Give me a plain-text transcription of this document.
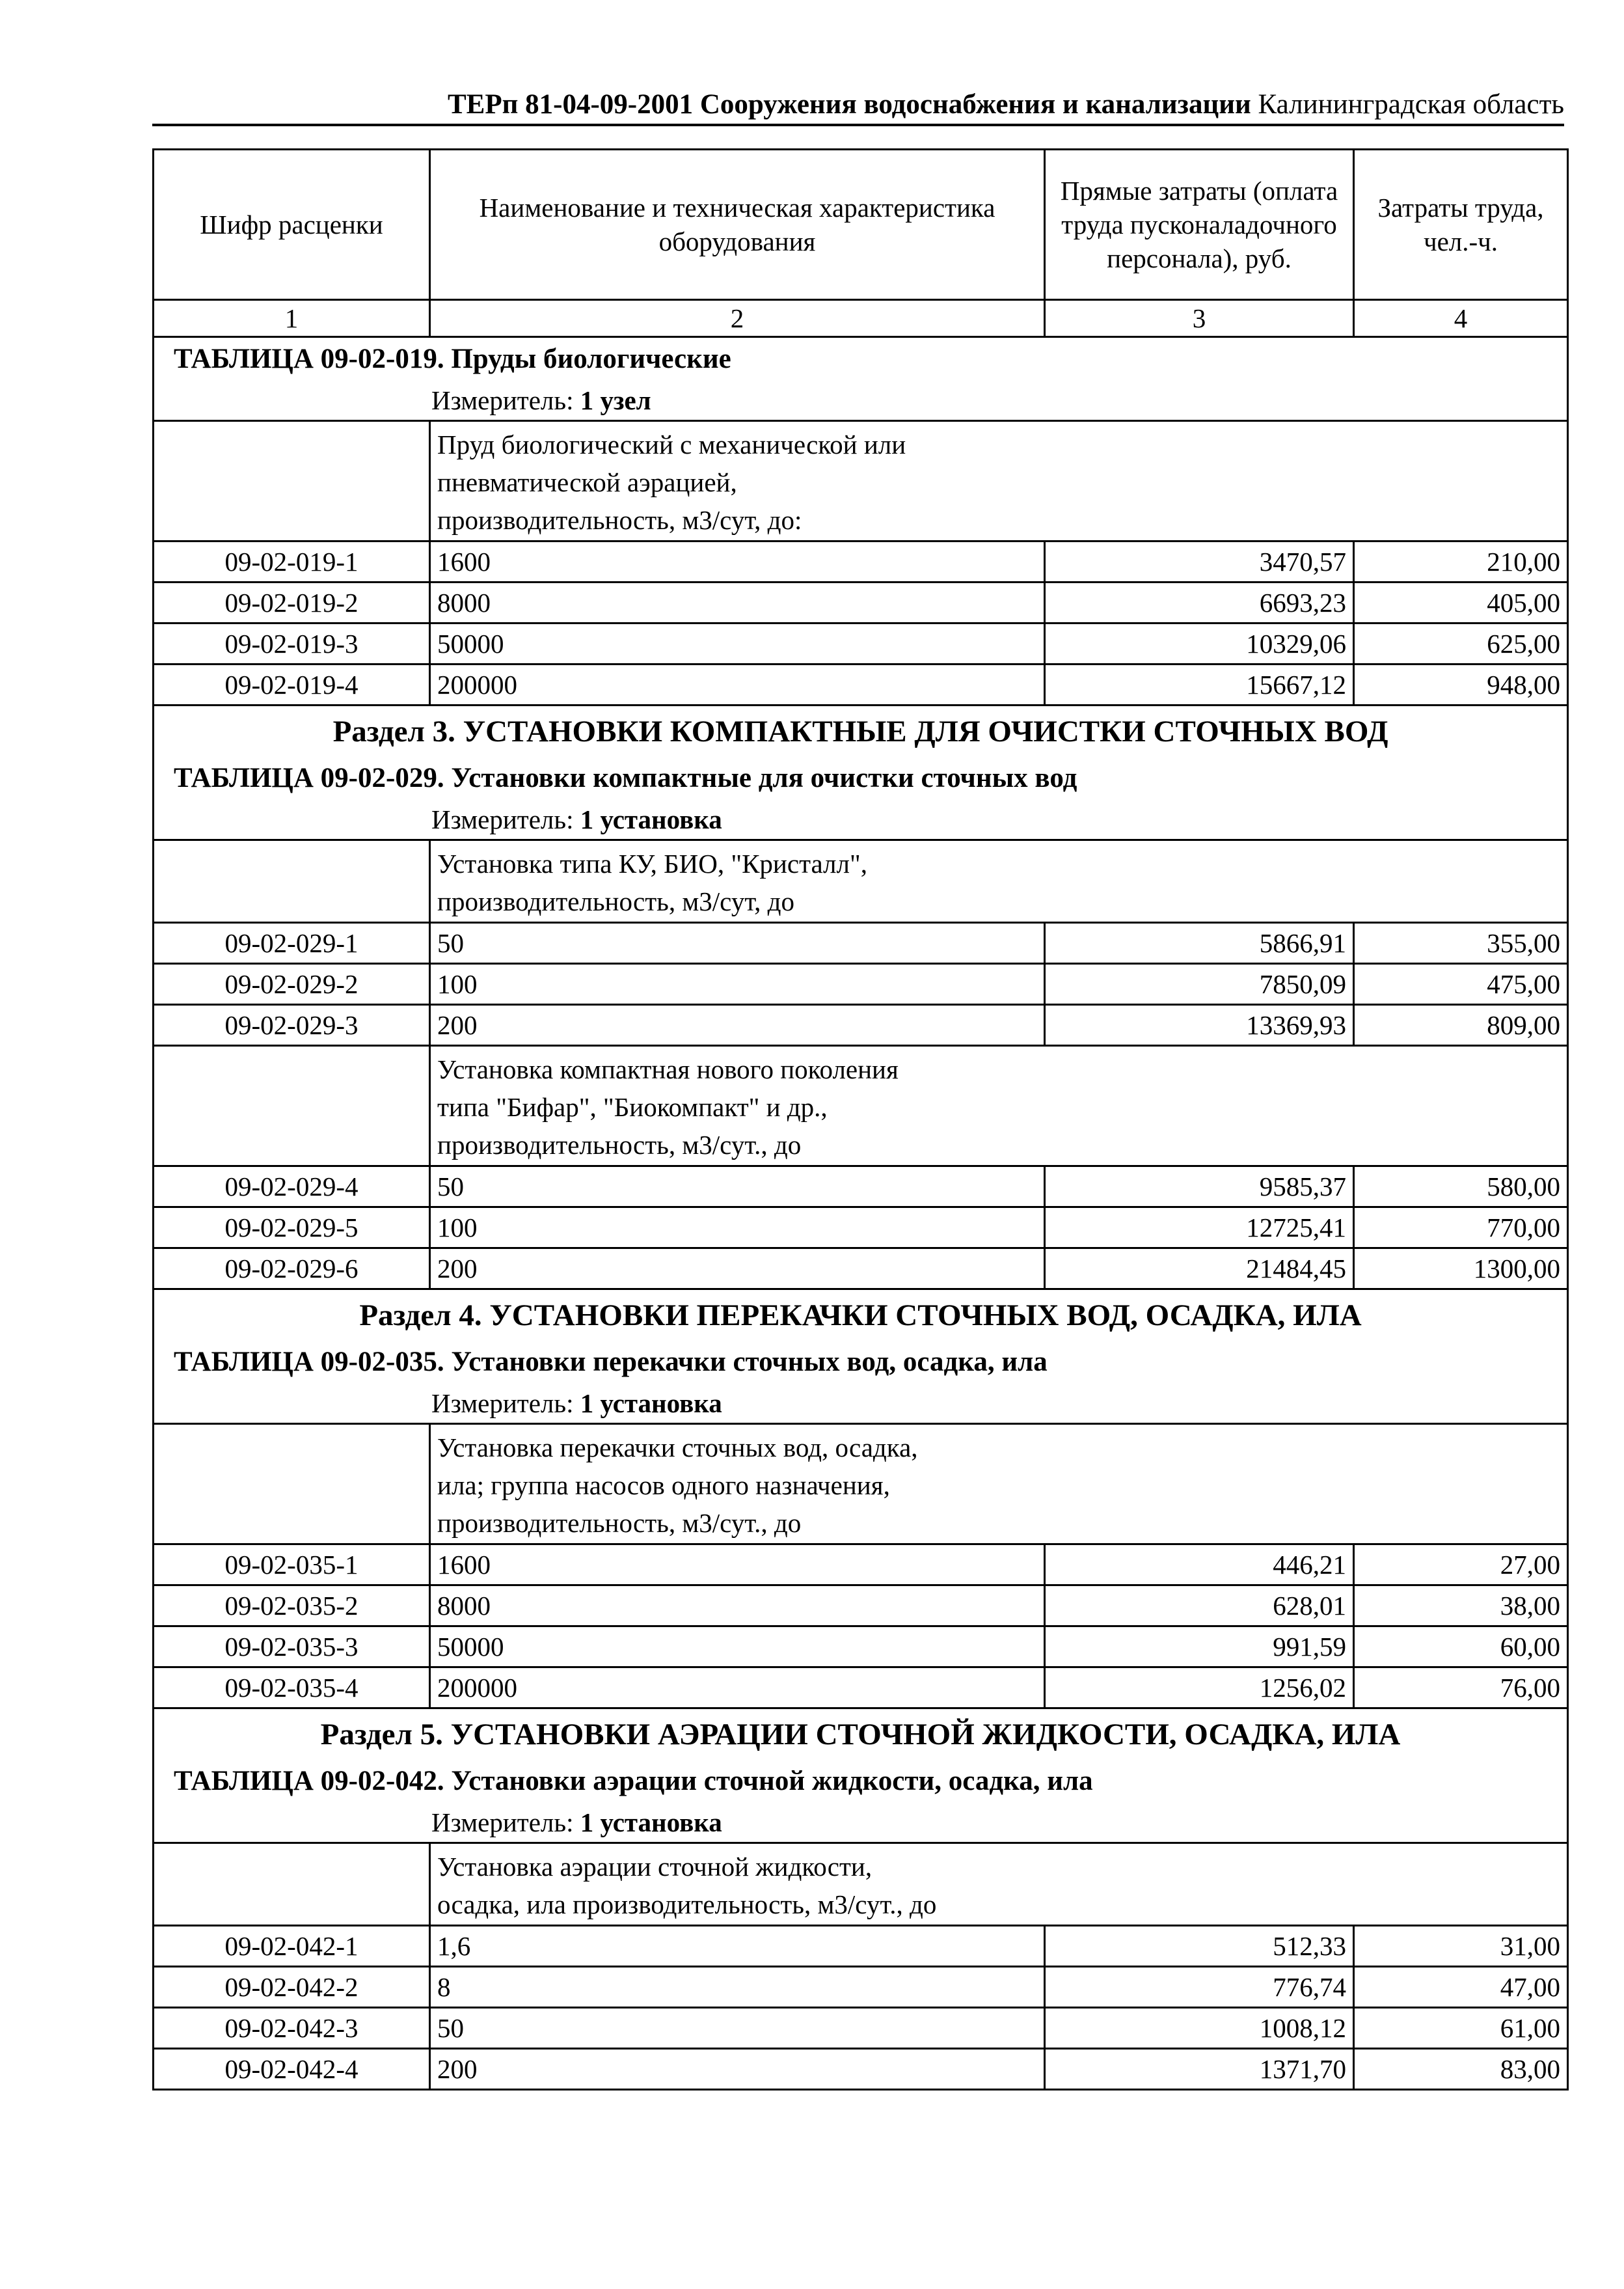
ТЕРп 81-04-09-2001 Сооружения водоснабжения и канализации Калининградская область
Шифр расценки	Наименование и техническая характеристика оборудования	Прямые затраты (оплата труда пусконаладочного персонала), руб.	Затраты труда, чел.-ч.
1	2	3	4
ТАБЛИЦА 09-02-019. Пруды биологические			
Измеритель: 1 узел			

	Пруд биологический с механической или
пневматической аэрацией,
производительность, м3/сут, до:		

09-02-019-1	1600	3470,57	210,00
09-02-019-2	8000	6693,23	405,00
09-02-019-3	50000	10329,06	625,00
09-02-019-4	200000	15667,12	948,00
Раздел 3. УСТАНОВКИ КОМПАКТНЫЕ ДЛЯ ОЧИСТКИ СТОЧНЫХ ВОД			
ТАБЛИЦА 09-02-029. Установки компактные для очистки сточных вод			
Измеритель: 1 установка			

	Установка типа КУ, БИО, "Кристалл",
производительность, м3/сут, до		

09-02-029-1	50	5866,91	355,00
09-02-029-2	100	7850,09	475,00
09-02-029-3	200	13369,93	809,00

	Установка компактная нового поколения
типа "Бифар", "Биокомпакт" и др.,
производительность, м3/сут., до		

09-02-029-4	50	9585,37	580,00
09-02-029-5	100	12725,41	770,00
09-02-029-6	200	21484,45	1300,00
Раздел 4. УСТАНОВКИ ПЕРЕКАЧКИ СТОЧНЫХ ВОД, ОСАДКА, ИЛА			
ТАБЛИЦА 09-02-035. Установки перекачки сточных вод, осадка, ила			
Измеритель: 1 установка			

	Установка перекачки сточных вод, осадка,
ила; группа насосов одного назначения,
производительность, м3/сут., до		

09-02-035-1	1600	446,21	27,00
09-02-035-2	8000	628,01	38,00
09-02-035-3	50000	991,59	60,00
09-02-035-4	200000	1256,02	76,00
Раздел 5. УСТАНОВКИ АЭРАЦИИ СТОЧНОЙ ЖИДКОСТИ, ОСАДКА, ИЛА			
ТАБЛИЦА 09-02-042. Установки аэрации сточной жидкости, осадка, ила			
Измеритель: 1 установка			

	Установка аэрации сточной жидкости,
осадка, ила производительность, м3/сут., до		

09-02-042-1	1,6	512,33	31,00
09-02-042-2	8	776,74	47,00
09-02-042-3	50	1008,12	61,00
09-02-042-4	200	1371,70	83,00
